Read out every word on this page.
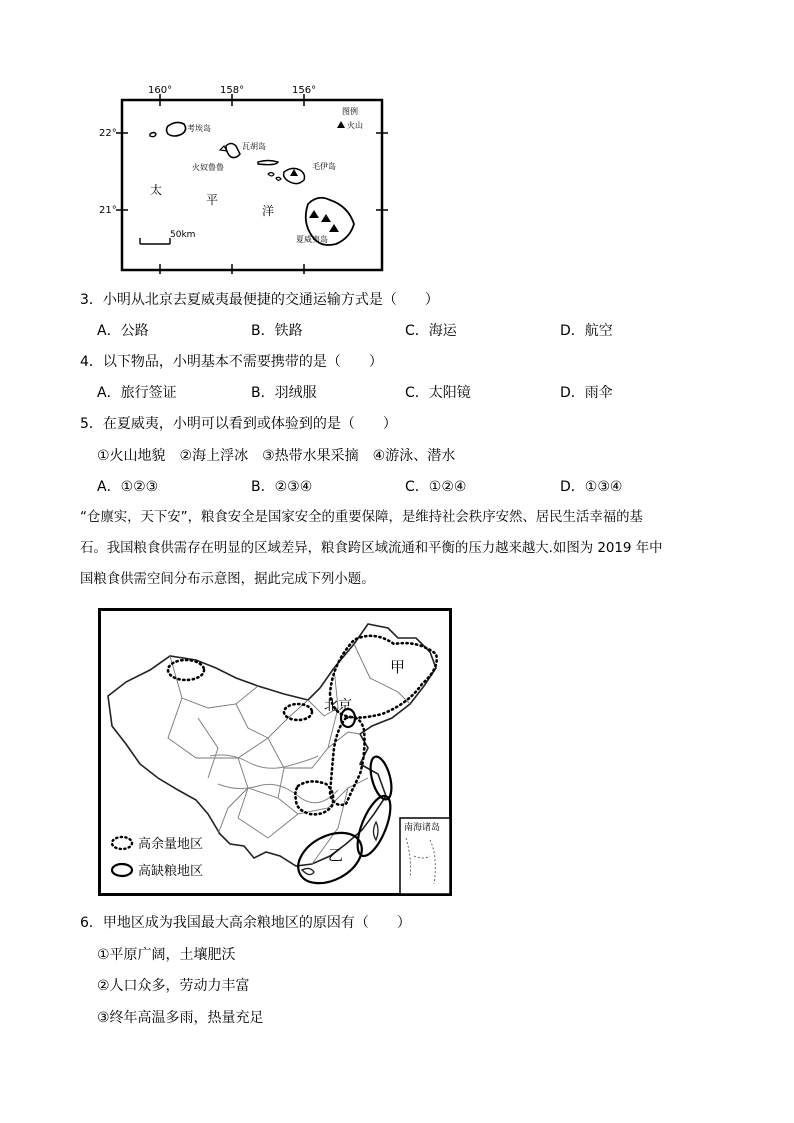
160°	158°	156°
22°
21°
考埃岛
瓦胡岛
火奴鲁鲁	毛伊岛
夏威夷岛
太
平
洋
图例
火山
50km
3．小明从北京去夏威夷最便捷的交通运输方式是（　　）
A．公路	B．铁路	C．海运	D．航空
4．以下物品，小明基本不需要携带的是（　　）
A．旅行签证	B．羽绒服	C．太阳镜	D．雨伞
5．在夏威夷，小明可以看到或体验到的是（　　）
①火山地貌　②海上浮冰　③热带水果采摘　④游泳、潜水
A．①②③	B．②③④	C．①②④	D．①③④
“仓廪实，天下安”，粮食安全是国家安全的重要保障，是维持社会秩序安然、居民生活幸福的基
石。我国粮食供需存在明显的区域差异，粮食跨区域流通和平衡的压力越来越大.如图为 2019 年中
国粮食供需空间分布示意图，据此完成下列小题。
北京
甲
乙
南海诸岛
高余量地区
高缺粮地区
6．甲地区成为我国最大高余粮地区的原因有（　　）
①平原广阔，土壤肥沃
②人口众多，劳动力丰富
③终年高温多雨，热量充足
